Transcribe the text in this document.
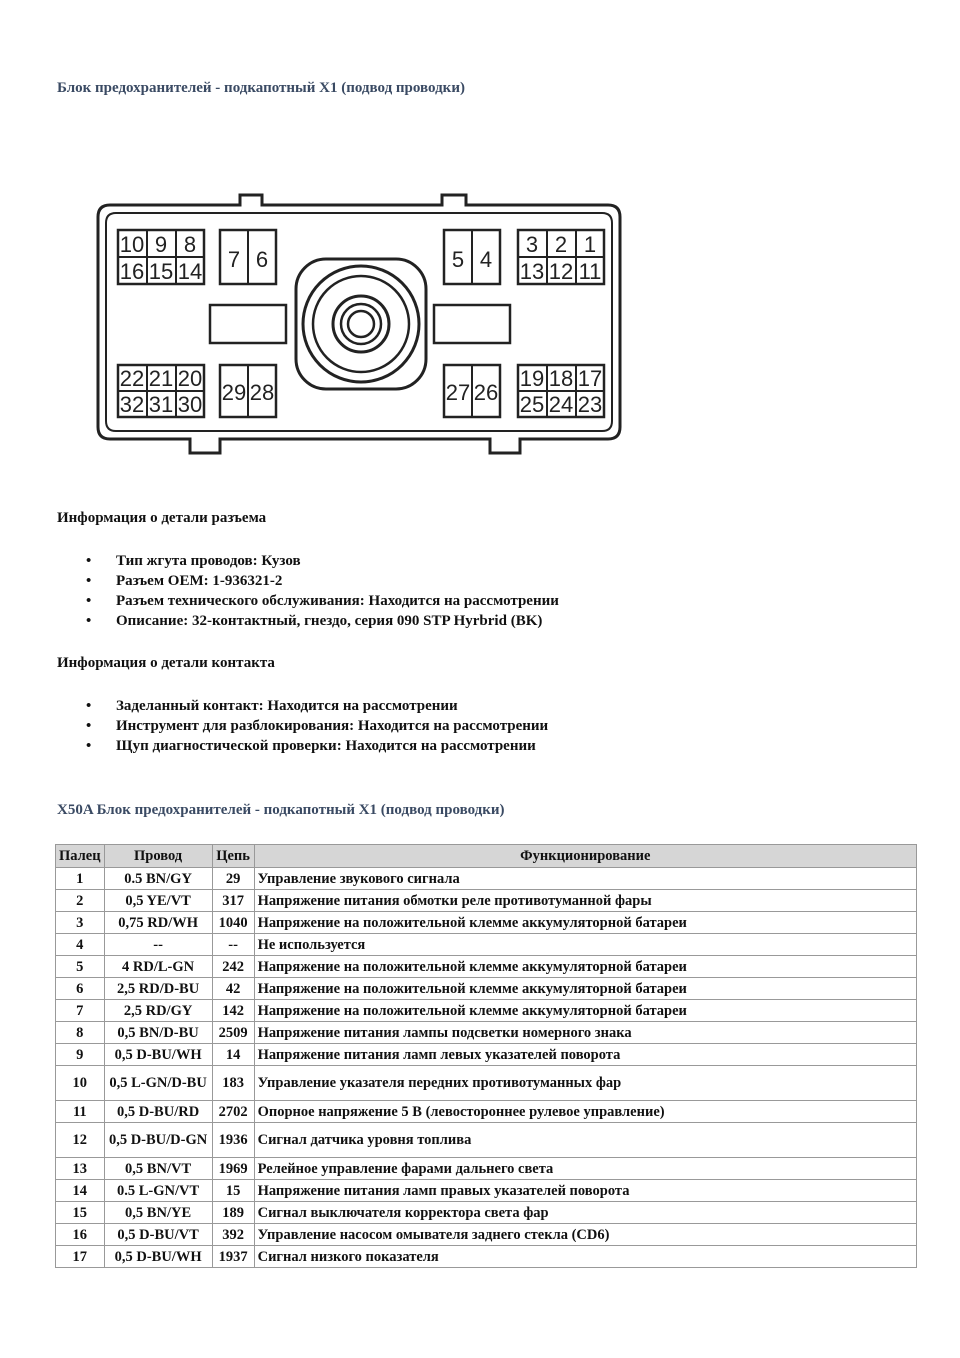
Блок предохранителей - подкапотный X1 (подвод проводки)
10 9 8
16 15 14 7 6	5 4
3 2 1
13 12 11
22 21 20
32 31 30 29 28	27 26
19 18 17
25 24 23
Информация о детали разъема
• Тип жгута проводов: Кузов
• Разъем OEM: 1-936321-2
• Разъем технического обслуживания: Находится на рассмотрении
• Описание: 32-контактный, гнездо, серия 090 STP Hyrbrid (BK)
Информация о детали контакта
• Заделанный контакт: Находится на рассмотрении
• Инструмент для разблокирования: Находится на рассмотрении
• Щуп диагностической проверки: Находится на рассмотрении
X50A Блок предохранителей - подкапотный X1 (подвод проводки)
Палец	Провод	Цепь	Функционирование
1	0.5 BN/GY	29	Управление звукового сигнала
2	0,5 YE/VT	317	Напряжение питания обмотки реле противотуманной фары
3	0,75 RD/WH	1040	Напряжение на положительной клемме аккумуляторной батареи
4	--	--	Не используется
5	4 RD/L-GN	242	Напряжение на положительной клемме аккумуляторной батареи
6	2,5 RD/D-BU	42	Напряжение на положительной клемме аккумуляторной батареи
7	2,5 RD/GY	142	Напряжение на положительной клемме аккумуляторной батареи
8	0,5 BN/D-BU	2509	Напряжение питания лампы подсветки номерного знака
9	0,5 D-BU/WH	14	Напряжение питания ламп левых указателей поворота
10	0,5 L-GN/D-BU	183	Управление указателя передних противотуманных фар
11	0,5 D-BU/RD	2702	Опорное напряжение 5 В (левостороннее рулевое управление)
12	0,5 D-BU/D-GN	1936	Сигнал датчика уровня топлива
13	0,5 BN/VT	1969	Релейное управление фарами дальнего света
14	0.5 L-GN/VT	15	Напряжение питания ламп правых указателей поворота
15	0,5 BN/YE	189	Сигнал выключателя корректора света фар
16	0,5 D-BU/VT	392	Управление насосом омывателя заднего стекла (CD6)
17	0,5 D-BU/WH	1937	Сигнал низкого показателя
